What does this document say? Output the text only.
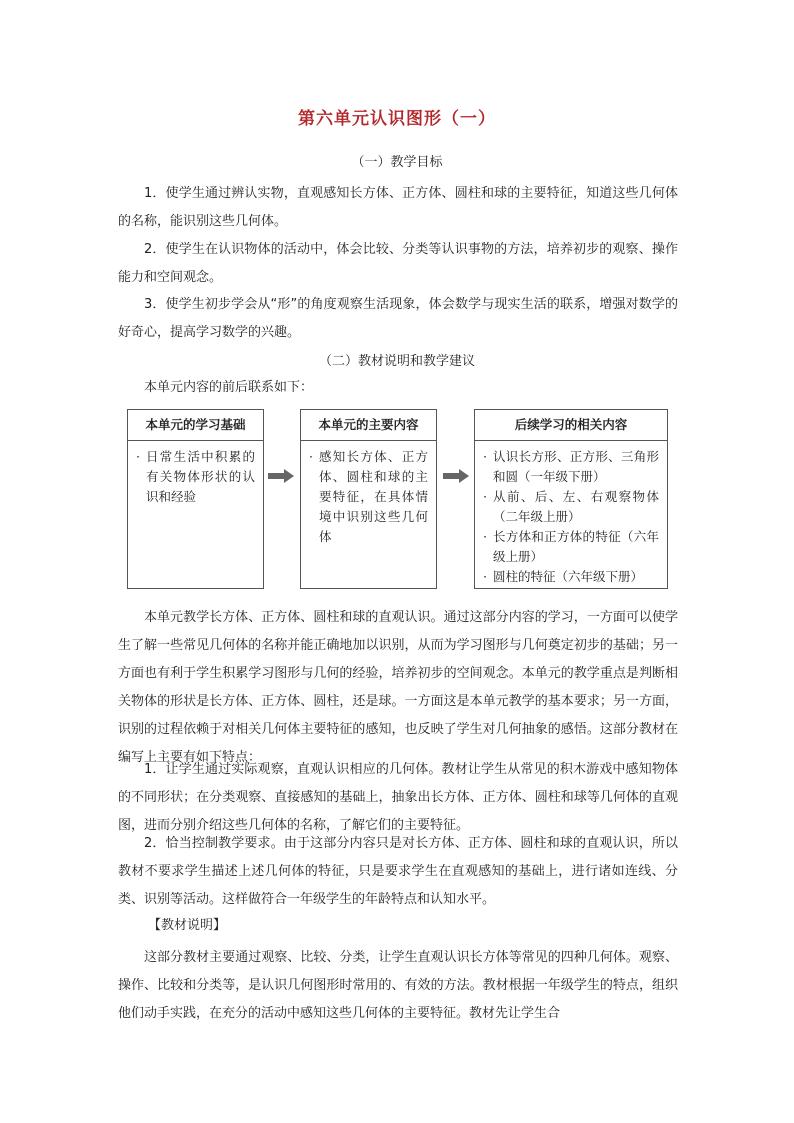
第六单元认识图形（一）
（一）教学目标

1．使学生通过辨认实物，直观感知长方体、正方体、圆柱和球的主要特征，知道这些几何体的名称，能识别这些几何体。

2．使学生在认识物体的活动中，体会比较、分类等认识事物的方法，培养初步的观察、操作能力和空间观念。

3．使学生初步学会从“形”的角度观察生活现象，体会数学与现实生活的联系，增强对数学的好奇心，提高学习数学的兴趣。

（二）教材说明和教学建议

本单元内容的前后联系如下：

本单元的学习基础
· 日常生活中积累的有关物体形状的认识和经验
本单元的主要内容
· 感知长方体、正方体、圆柱和球的主要特征，在具体情境中识别这些几何体
后续学习的相关内容
· 认识长方形、正方形、三角形和圆（一年级下册）
· 从前、后、左、右观察物体（二年级上册）
· 长方体和正方体的特征（六年级上册）
· 圆柱的特征（六年级下册）

本单元教学长方体、正方体、圆柱和球的直观认识。通过这部分内容的学习，一方面可以使学生了解一些常见几何体的名称并能正确地加以识别，从而为学习图形与几何奠定初步的基础；另一方面也有利于学生积累学习图形与几何的经验，培养初步的空间观念。本单元的教学重点是判断相关物体的形状是长方体、正方体、圆柱，还是球。一方面这是本单元教学的基本要求；另一方面，识别的过程依赖于对相关几何体主要特征的感知，也反映了学生对几何抽象的感悟。这部分教材在编写上主要有如下特点：

1．让学生通过实际观察，直观认识相应的几何体。教材让学生从常见的积木游戏中感知物体的不同形状；在分类观察、直接感知的基础上，抽象出长方体、正方体、圆柱和球等几何体的直观图，进而分别介绍这些几何体的名称，了解它们的主要特征。

2．恰当控制教学要求。由于这部分内容只是对长方体、正方体、圆柱和球的直观认识，所以教材不要求学生描述上述几何体的特征，只是要求学生在直观感知的基础上，进行诸如连线、分类、识别等活动。这样做符合一年级学生的年龄特点和认知水平。

【教材说明】

这部分教材主要通过观察、比较、分类，让学生直观认识长方体等常见的四种几何体。观察、操作、比较和分类等，是认识几何图形时常用的、有效的方法。教材根据一年级学生的特点，组织他们动手实践，在充分的活动中感知这些几何体的主要特征。教材先让学生合
